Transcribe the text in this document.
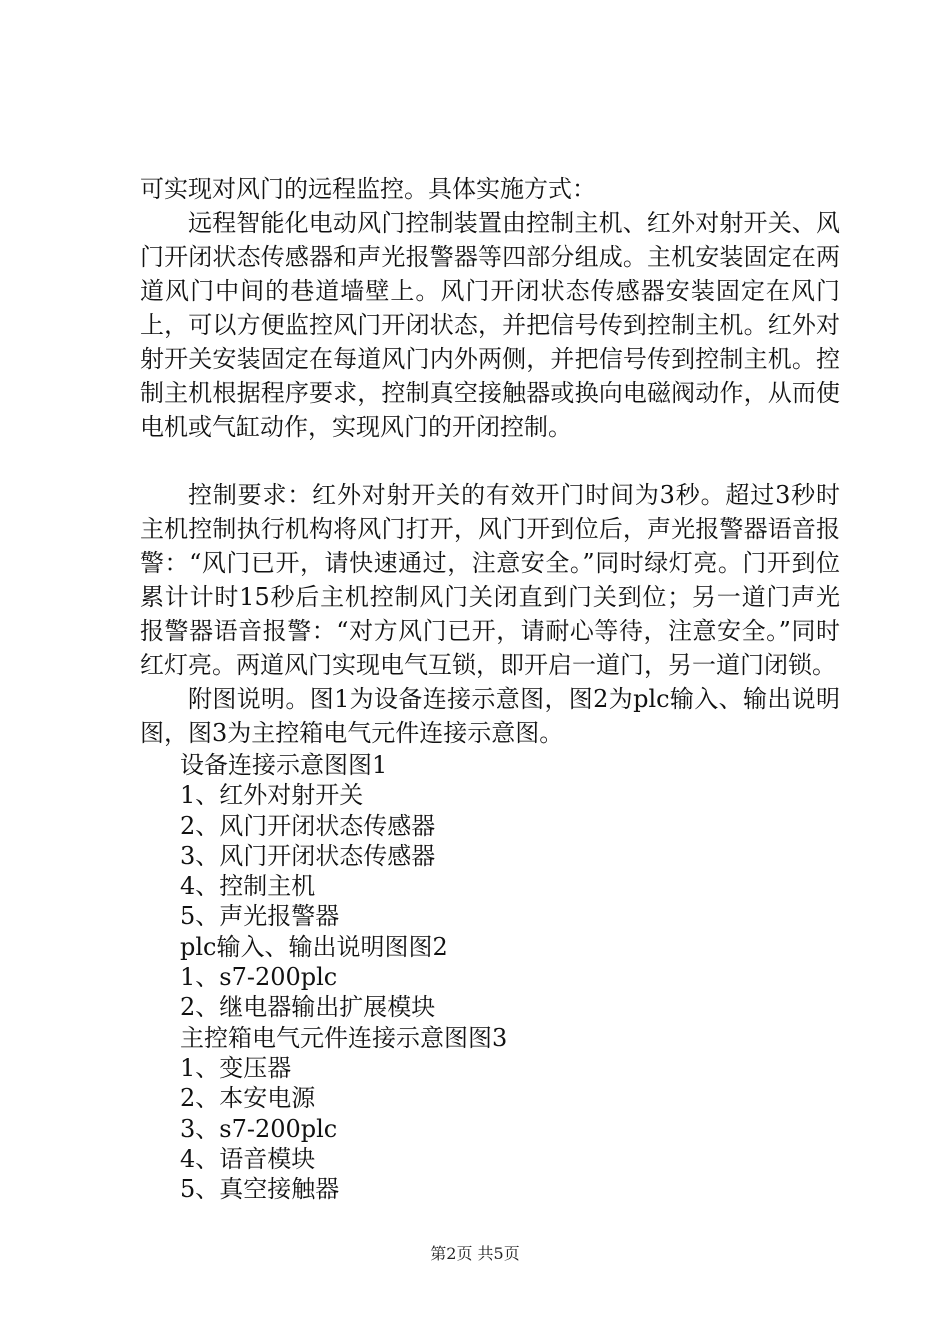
可实现对风门的远程监控。具体实施方式：

远程智能化电动风门控制装置由控制主机、红外对射开关、风门开闭状态传感器和声光报警器等四部分组成。主机安装固定在两道风门中间的巷道墙壁上。风门开闭状态传感器安装固定在风门上，可以方便监控风门开闭状态，并把信号传到控制主机。红外对射开关安装固定在每道风门内外两侧，并把信号传到控制主机。控制主机根据程序要求，控制真空接触器或换向电磁阀动作，从而使电机或气缸动作，实现风门的开闭控制。

控制要求：红外对射开关的有效开门时间为3秒。超过3秒时主机控制执行机构将风门打开，风门开到位后，声光报警器语音报警：“风门已开，请快速通过，注意安全。”同时绿灯亮。门开到位累计计时15秒后主机控制风门关闭直到门关到位；另一道门声光报警器语音报警：“对方风门已开，请耐心等待，注意安全。”同时红灯亮。两道风门实现电气互锁，即开启一道门，另一道门闭锁。

附图说明。图1为设备连接示意图，图2为plc输入、输出说明图，图3为主控箱电气元件连接示意图。

设备连接示意图图1
1、红外对射开关
2、风门开闭状态传感器
3、风门开闭状态传感器
4、控制主机
5、声光报警器
plc输入、输出说明图图2
1、s7-200plc
2、继电器输出扩展模块
主控箱电气元件连接示意图图3
1、变压器
2、本安电源
3、s7-200plc
4、语音模块
5、真空接触器
第2页 共5页
